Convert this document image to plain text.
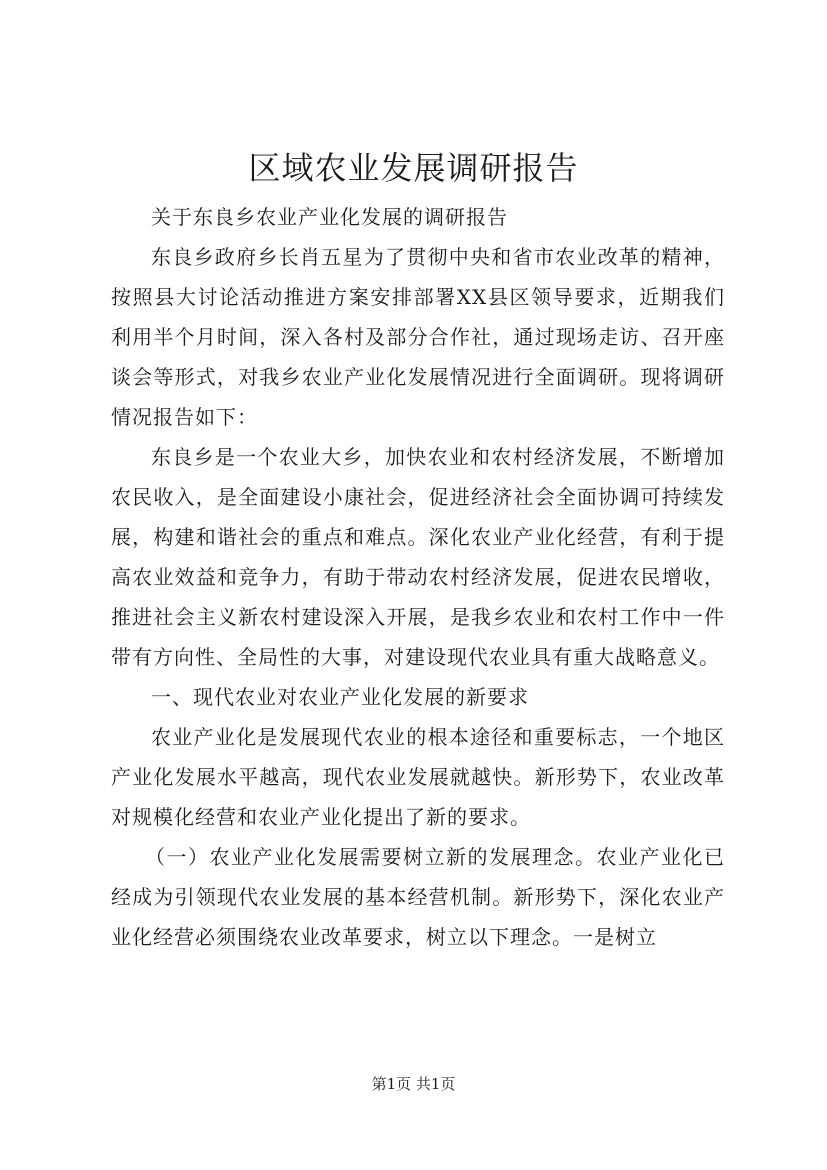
区域农业发展调研报告

关于东良乡农业产业化发展的调研报告

东良乡政府乡长肖五星为了贯彻中央和省市农业改革的精神，按照县大讨论活动推进方案安排部署XX县区领导要求，近期我们利用半个月时间，深入各村及部分合作社，通过现场走访、召开座谈会等形式，对我乡农业产业化发展情况进行全面调研。现将调研情况报告如下：

东良乡是一个农业大乡，加快农业和农村经济发展，不断增加农民收入，是全面建设小康社会，促进经济社会全面协调可持续发展，构建和谐社会的重点和难点。深化农业产业化经营，有利于提高农业效益和竞争力，有助于带动农村经济发展，促进农民增收，推进社会主义新农村建设深入开展，是我乡农业和农村工作中一件带有方向性、全局性的大事，对建设现代农业具有重大战略意义。

一、现代农业对农业产业化发展的新要求

农业产业化是发展现代农业的根本途径和重要标志，一个地区产业化发展水平越高，现代农业发展就越快。新形势下，农业改革对规模化经营和农业产业化提出了新的要求。

（一）农业产业化发展需要树立新的发展理念。农业产业化已经成为引领现代农业发展的基本经营机制。新形势下，深化农业产业化经营必须围绕农业改革要求，树立以下理念。一是树立

第1页 共1页
